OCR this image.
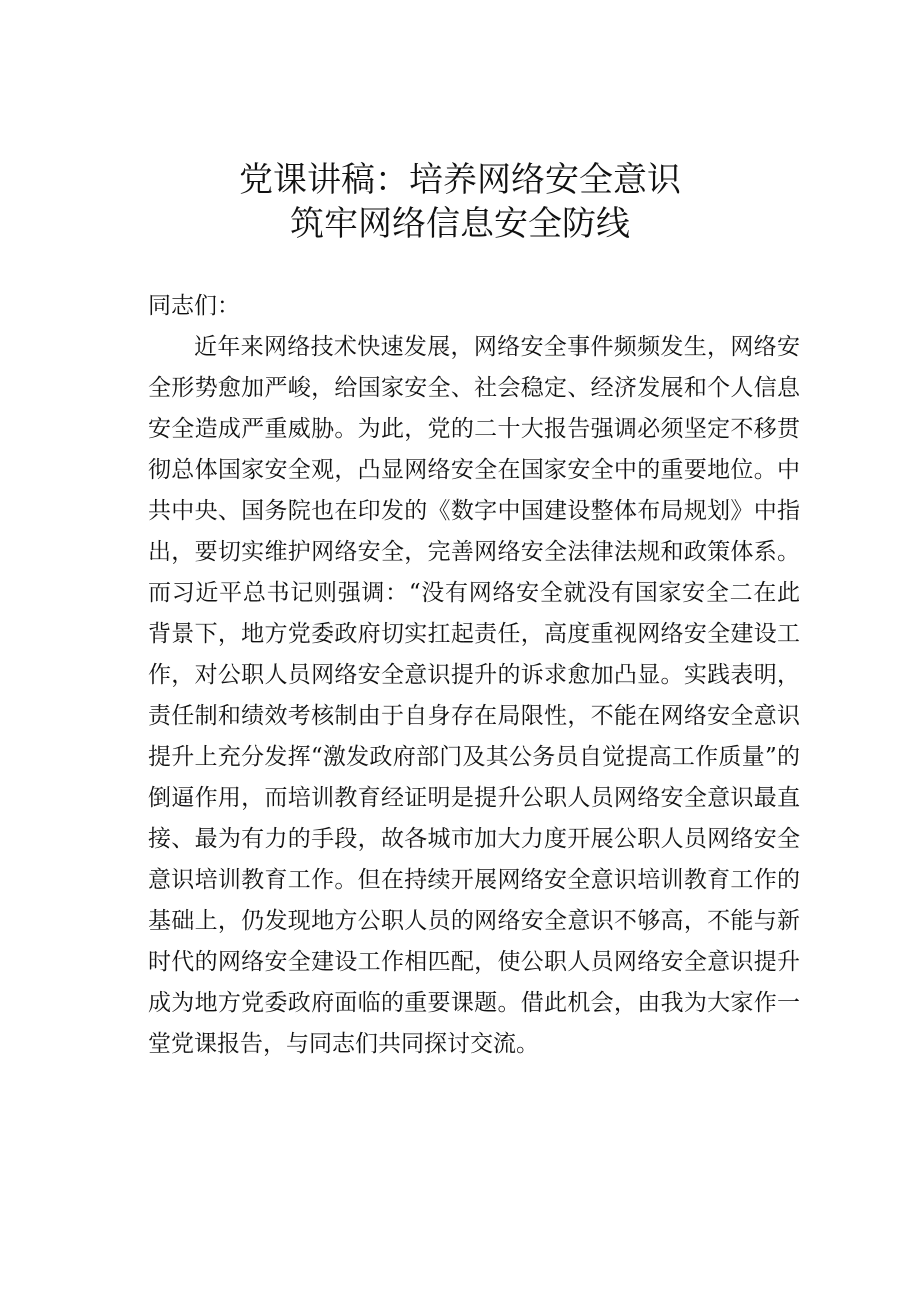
党课讲稿：培养网络安全意识
筑牢网络信息安全防线

同志们：

近年来网络技术快速发展，网络安全事件频频发生，网络安全形势愈加严峻，给国家安全、社会稳定、经济发展和个人信息安全造成严重威胁。为此，党的二十大报告强调必须坚定不移贯彻总体国家安全观，凸显网络安全在国家安全中的重要地位。中共中央、国务院也在印发的《数字中国建设整体布局规划》中指出，要切实维护网络安全，完善网络安全法律法规和政策体系。而习近平总书记则强调：“没有网络安全就没有国家安全二在此背景下，地方党委政府切实扛起责任，高度重视网络安全建设工作，对公职人员网络安全意识提升的诉求愈加凸显。实践表明，责任制和绩效考核制由于自身存在局限性，不能在网络安全意识提升上充分发挥“激发政府部门及其公务员自觉提高工作质量”的倒逼作用，而培训教育经证明是提升公职人员网络安全意识最直接、最为有力的手段，故各城市加大力度开展公职人员网络安全意识培训教育工作。但在持续开展网络安全意识培训教育工作的基础上，仍发现地方公职人员的网络安全意识不够高，不能与新时代的网络安全建设工作相匹配，使公职人员网络安全意识提升成为地方党委政府面临的重要课题。借此机会，由我为大家作一堂党课报告，与同志们共同探讨交流。
